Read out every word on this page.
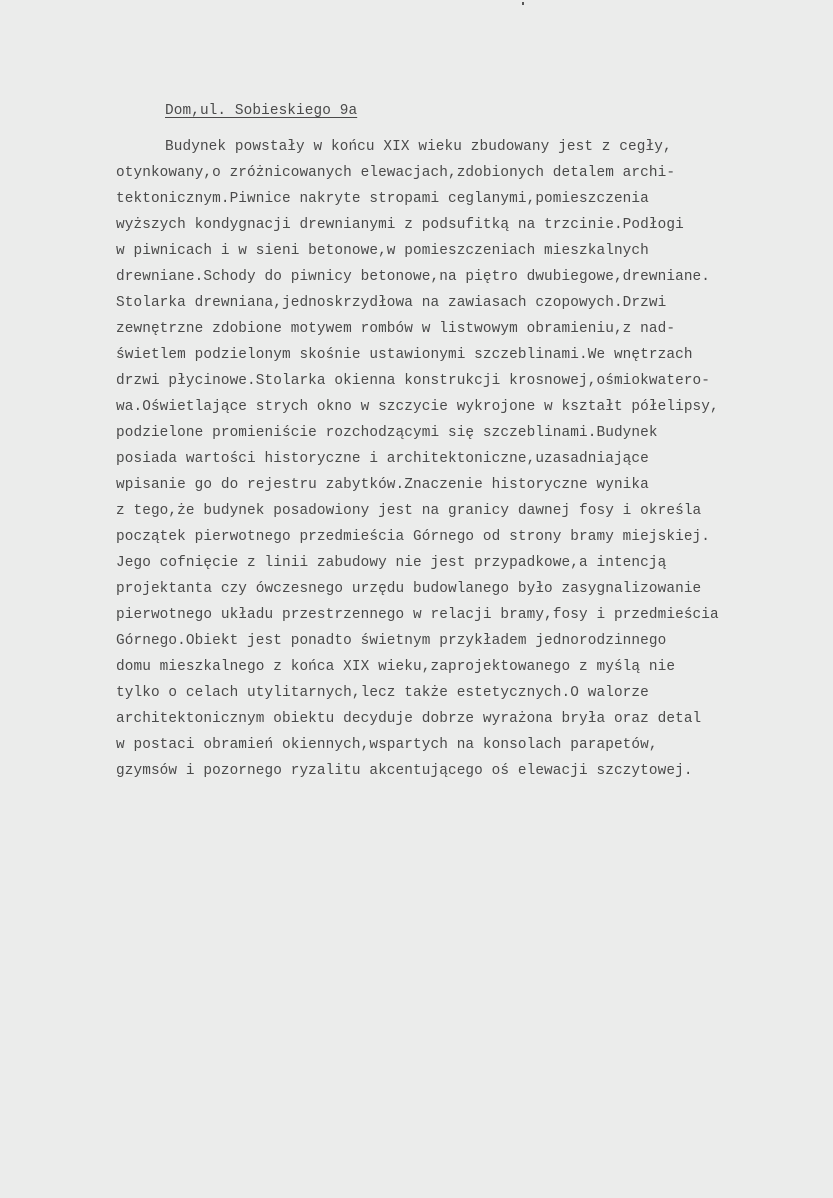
Dom,ul. Sobieskiego 9a
Budynek powstały w końcu XIX wieku zbudowany jest z cegły,
otynkowany,o zróżnicowanych elewacjach,zdobionych detalem archi-
tektonicznym.Piwnice nakryte stropami ceglanymi,pomieszczenia
wyższych kondygnacji drewnianymi z podsufitką na trzcinie.Podłogi
w piwnicach i w sieni betonowe,w pomieszczeniach mieszkalnych
drewniane.Schody do piwnicy betonowe,na piętro dwubiegowe,drewniane.
Stolarka drewniana,jednoskrzydłowa na zawiasach czopowych.Drzwi
zewnętrzne zdobione motywem rombów w listwowym obramieniu,z nad-
świetlem podzielonym skośnie ustawionymi szczeblinami.We wnętrzach
drzwi płycinowe.Stolarka okienna konstrukcji krosnowej,ośmiokwatero-
wa.Oświetlające strych okno w szczycie wykrojone w kształt półelipsy,
podzielone promieniście rozchodzącymi się szczeblinami.Budynek
posiada wartości historyczne i architektoniczne,uzasadniające
wpisanie go do rejestru zabytków.Znaczenie historyczne wynika
z tego,że budynek posadowiony jest na granicy dawnej fosy i określa
początek pierwotnego przedmieścia Górnego od strony bramy miejskiej.
Jego cofnięcie z linii zabudowy nie jest przypadkowe,a intencją
projektanta czy ówczesnego urzędu budowlanego było zasygnalizowanie
pierwotnego układu przestrzennego w relacji bramy,fosy i przedmieścia
Górnego.Obiekt jest ponadto świetnym przykładem jednorodzinnego
domu mieszkalnego z końca XIX wieku,zaprojektowanego z myślą nie
tylko o celach utylitarnych,lecz także estetycznych.O walorze
architektonicznym obiektu decyduje dobrze wyrażona bryła oraz detal
w postaci obramień okiennych,wspartych na konsolach parapetów,
gzymsów i pozornego ryzalitu akcentującego oś elewacji szczytowej.
